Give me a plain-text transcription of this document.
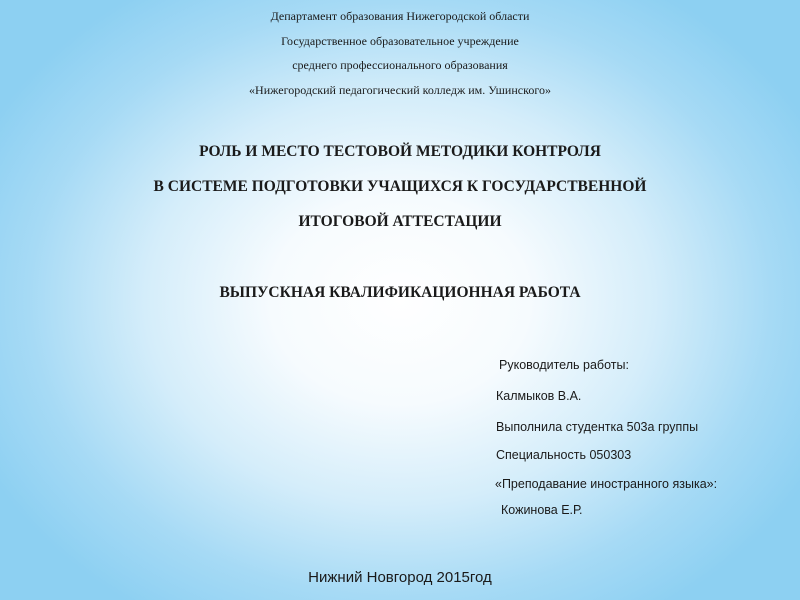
Департамент образования Нижегородской области
Государственное образовательное учреждение
среднего профессионального образования
«Нижегородский педагогический колледж им. Ушинского»
РОЛЬ И МЕСТО ТЕСТОВОЙ МЕТОДИКИ КОНТРОЛЯ
В СИСТЕМЕ ПОДГОТОВКИ УЧАЩИХСЯ К ГОСУДАРСТВЕННОЙ
ИТОГОВОЙ АТТЕСТАЦИИ
ВЫПУСКНАЯ КВАЛИФИКАЦИОННАЯ РАБОТА
Руководитель работы:
Калмыков В.А.
Выполнила студентка 503а группы
Специальность 050303
«Преподавание иностранного языка»:
Кожинова Е.Р.
Нижний Новгород 2015год
